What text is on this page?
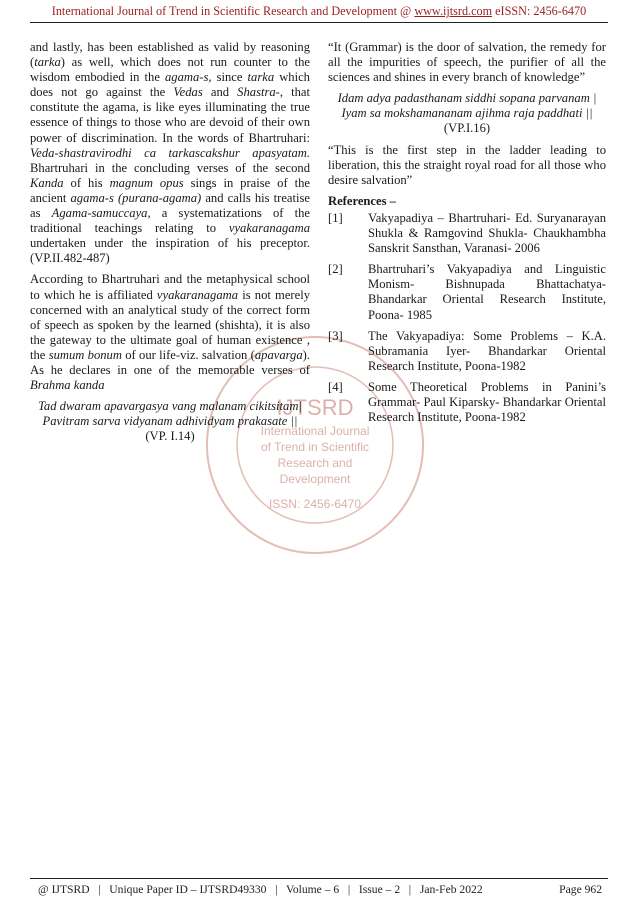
International Journal of Trend in Scientific Research and Development @ www.ijtsrd.com eISSN: 2456-6470
IJTSRD
International Journal
of Trend in Scientific
Research and
Development
ISSN: 2456-6470

and lastly, has been established as valid by reasoning (tarka) as well, which does not run counter to the wisdom embodied in the agama-s, since tarka which does not go against the Vedas and Shastra-, that constitute the agama, is like eyes illuminating the true essence of things to those who are devoid of their own power of discrimination. In the words of Bhartruhari: Veda-shastravirodhi ca tarkascakshur apasyatam. Bhartruhari in the concluding verses of the second Kanda of his magnum opus sings in praise of the ancient agama-s (purana-agama) and calls his treatise as Agama-samuccaya, a systematizations of the traditional teachings relating to vyakaranagama undertaken under the inspiration of his preceptor. (VP.II.482-487)

According to Bhartruhari and the metaphysical school to which he is affiliated vyakaranagama is not merely concerned with an analytical study of the correct form of speech as spoken by the learned (shishta), it is also the gateway to the ultimate goal of human existence , the sumum bonum of our life-viz. salvation (apavarga). As he declares in one of the memorable verses of Brahma kanda

Tad dwaram apavargasya vang malanam cikitsitam|
Pavitram sarva vidyanam adhividyam prakasate ||
(VP. I.14)

“It (Grammar) is the door of salvation, the remedy for all the impurities of speech, the purifier of all the sciences and shines in every branch of knowledge”

Idam adya padasthanam siddhi sopana parvanam |
Iyam sa mokshamananam ajihma raja paddhati ||
(VP.I.16)

“This is the first step in the ladder leading to liberation, this the straight royal road for all those who desire salvation”

References –
[1]	Vakyapadiya – Bhartruhari- Ed. Suryanarayan Shukla & Ramgovind Shukla- Chaukhambha Sanskrit Sansthan, Varanasi- 2006
[2]	Bhartruhari’s Vakyapadiya and Linguistic Monism- Bishnupada Bhattachatya- Bhandarkar Oriental Research Institute, Poona- 1985
[3]	The Vakyapadiya: Some Problems – K.A. Subramania Iyer- Bhandarkar Oriental Research Institute, Poona-1982
[4]	Some Theoretical Problems in Panini’s Grammar- Paul Kiparsky- Bhandarkar Oriental Research Institute, Poona-1982
@ IJTSRD   |   Unique Paper ID – IJTSRD49330   |   Volume – 6   |   Issue – 2   |   Jan-Feb 2022	Page 962
